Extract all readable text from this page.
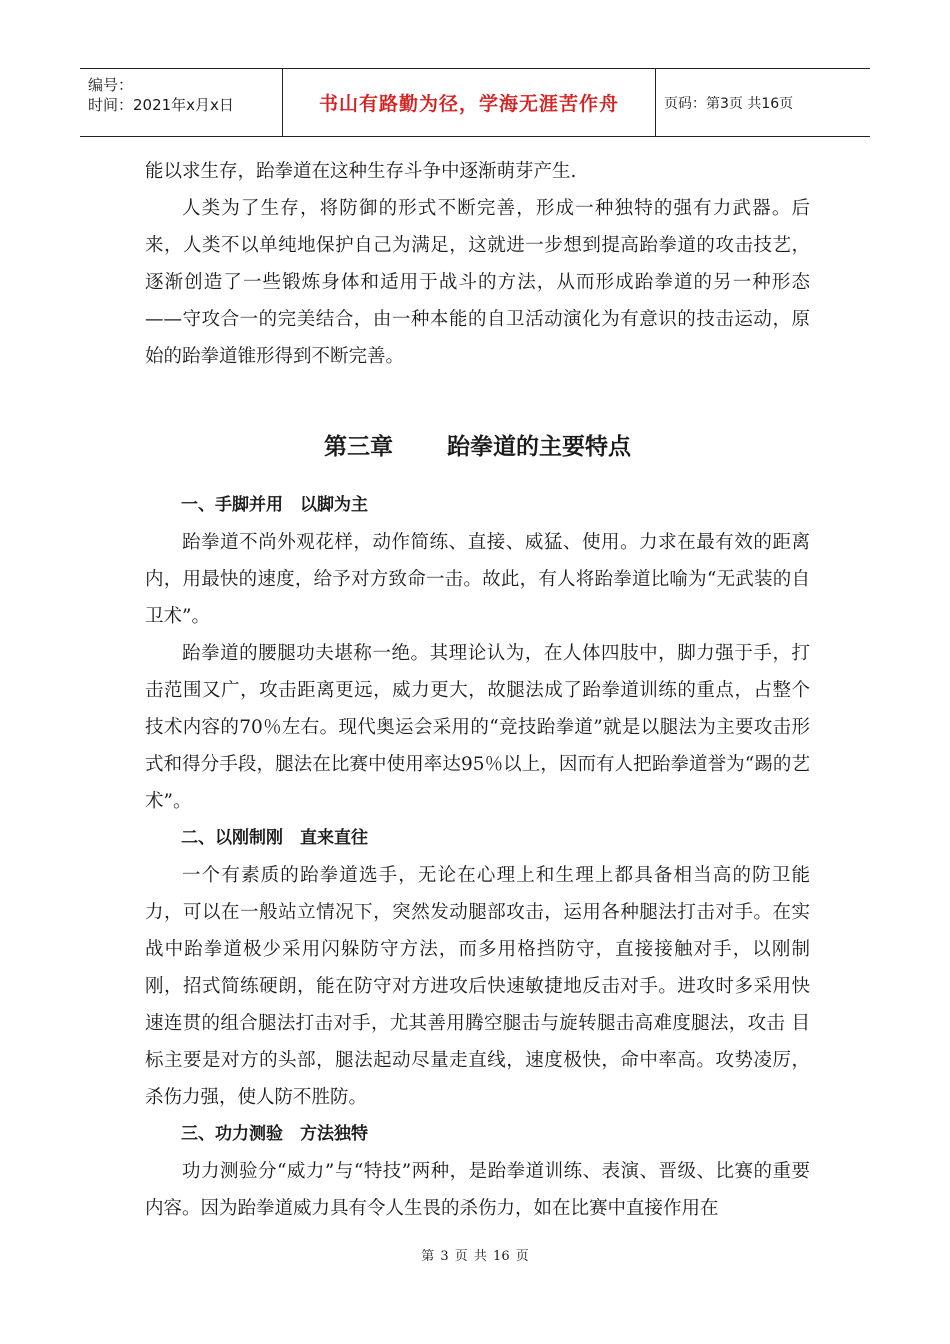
编号：
时间：2021年x月x日	书山有路勤为径，学海无涯苦作舟	页码：第3页 共16页

能以求生存，跆拳道在这种生存斗争中逐渐萌芽产生.

人类为了生存，将防御的形式不断完善，形成一种独特的强有力武器。后来，人类不以单纯地保护自己为满足，这就进一步想到提高跆拳道的攻击技艺，逐渐创造了一些锻炼身体和适用于战斗的方法，从而形成跆拳道的另一种形态——守攻合一的完美结合，由一种本能的自卫活动演化为有意识的技击运动，原始的跆拳道锥形得到不断完善。

第三章 跆拳道的主要特点
一、手脚并用　以脚为主

跆拳道不尚外观花样，动作简练、直接、威猛、使用。力求在最有效的距离内，用最快的速度，给予对方致命一击。故此，有人将跆拳道比喻为“无武装的自卫术”。

跆拳道的腰腿功夫堪称一绝。其理论认为，在人体四肢中，脚力强于手，打击范围又广，攻击距离更远，威力更大，故腿法成了跆拳道训练的重点，占整个技术内容的70％左右。现代奥运会采用的“竞技跆拳道”就是以腿法为主要攻击形式和得分手段，腿法在比赛中使用率达95％以上，因而有人把跆拳道誉为“踢的艺术”。

二、以刚制刚　直来直往

一个有素质的跆拳道选手，无论在心理上和生理上都具备相当高的防卫能力，可以在一般站立情况下，突然发动腿部攻击，运用各种腿法打击对手。在实战中跆拳道极少采用闪躲防守方法，而多用格挡防守，直接接触对手，以刚制刚，招式简练硬朗，能在防守对方进攻后快速敏捷地反击对手。进攻时多采用快速连贯的组合腿法打击对手，尤其善用腾空腿击与旋转腿击高难度腿法，攻击 目标主要是对方的头部，腿法起动尽量走直线，速度极快，命中率高。攻势凌厉，杀伤力强，使人防不胜防。

三、功力测验　方法独特

功力测验分“威力”与“特技”两种，是跆拳道训练、表演、晋级、比赛的重要内容。因为跆拳道威力具有令人生畏的杀伤力，如在比赛中直接作用在

第 3 页 共 16 页
